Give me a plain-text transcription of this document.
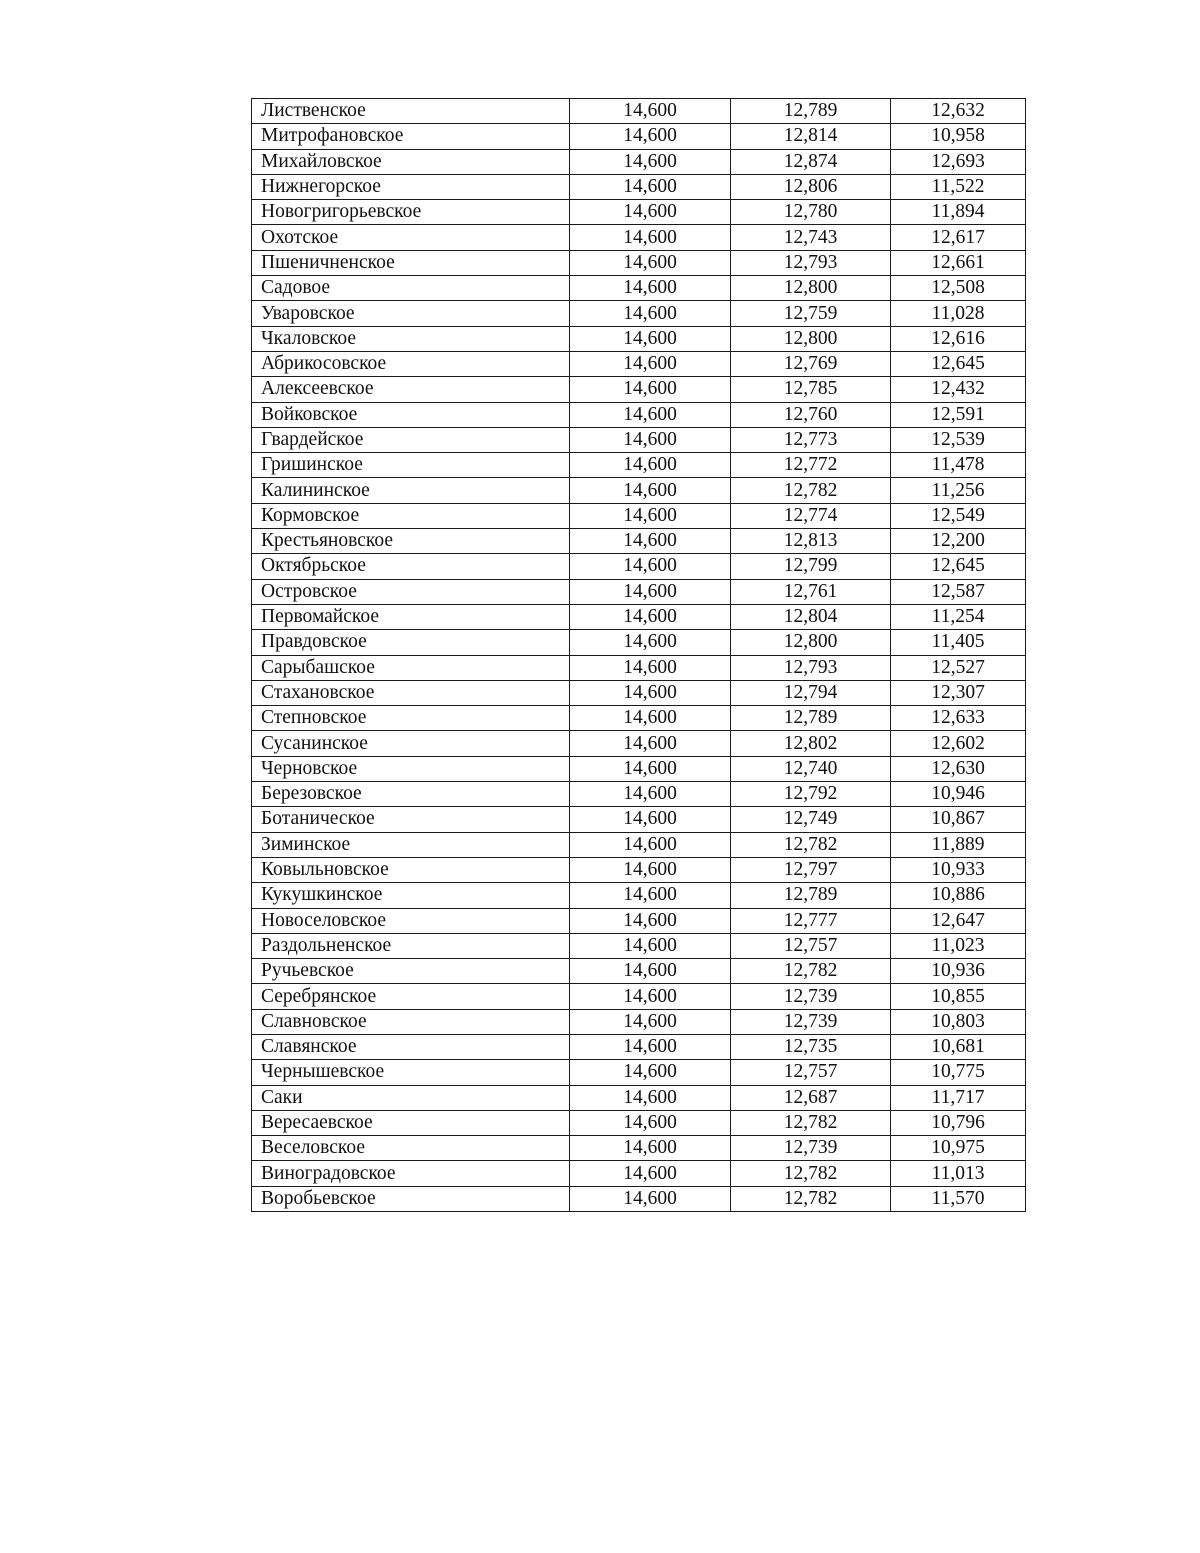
Лиственское	14,600	12,789	12,632
Митрофановское	14,600	12,814	10,958
Михайловское	14,600	12,874	12,693
Нижнегорское	14,600	12,806	11,522
Новогригорьевское	14,600	12,780	11,894
Охотское	14,600	12,743	12,617
Пшеничненское	14,600	12,793	12,661
Садовое	14,600	12,800	12,508
Уваровское	14,600	12,759	11,028
Чкаловское	14,600	12,800	12,616
Абрикосовское	14,600	12,769	12,645
Алексеевское	14,600	12,785	12,432
Войковское	14,600	12,760	12,591
Гвардейское	14,600	12,773	12,539
Гришинское	14,600	12,772	11,478
Калининское	14,600	12,782	11,256
Кормовское	14,600	12,774	12,549
Крестьяновское	14,600	12,813	12,200
Октябрьское	14,600	12,799	12,645
Островское	14,600	12,761	12,587
Первомайское	14,600	12,804	11,254
Правдовское	14,600	12,800	11,405
Сарыбашское	14,600	12,793	12,527
Стахановское	14,600	12,794	12,307
Степновское	14,600	12,789	12,633
Сусанинское	14,600	12,802	12,602
Черновское	14,600	12,740	12,630
Березовское	14,600	12,792	10,946
Ботаническое	14,600	12,749	10,867
Зиминское	14,600	12,782	11,889
Ковыльновское	14,600	12,797	10,933
Кукушкинское	14,600	12,789	10,886
Новоселовское	14,600	12,777	12,647
Раздольненское	14,600	12,757	11,023
Ручьевское	14,600	12,782	10,936
Серебрянское	14,600	12,739	10,855
Славновское	14,600	12,739	10,803
Славянское	14,600	12,735	10,681
Чернышевское	14,600	12,757	10,775
Саки	14,600	12,687	11,717
Вересаевское	14,600	12,782	10,796
Веселовское	14,600	12,739	10,975
Виноградовское	14,600	12,782	11,013
Воробьевское	14,600	12,782	11,570
